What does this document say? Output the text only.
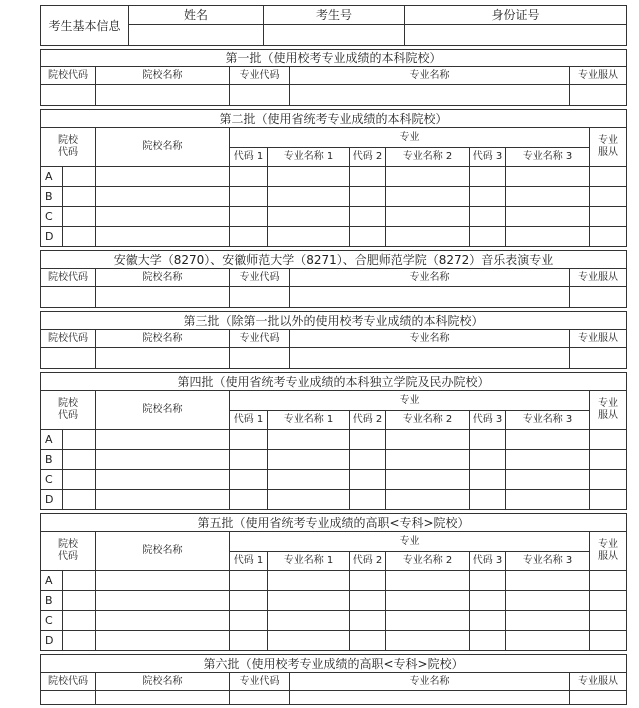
考生基本信息	姓名	考生号	身份证号

第一批（使用校考专业成绩的本科院校）				
院校代码	院校名称	专业代码	专业名称	专业服从

第二批（使用省统考专业成绩的本科院校）									
院校
代码		院校名称	专业						专业
服从
			代码 1	专业名称 1	代码 2	专业名称 2	代码 3	专业名称 3	
A									
B									
C									
D									
安徽大学（8270）、安徽师范大学（8271）、合肥师范学院（8272）音乐表演专业				
院校代码	院校名称	专业代码	专业名称	专业服从

第三批（除第一批以外的使用校考专业成绩的本科院校）				
院校代码	院校名称	专业代码	专业名称	专业服从

第四批（使用省统考专业成绩的本科独立学院及民办院校）									
院校
代码		院校名称	专业						专业
服从
			代码 1	专业名称 1	代码 2	专业名称 2	代码 3	专业名称 3	
A									
B									
C									
D									
第五批（使用省统考专业成绩的高职<专科>院校）									
院校
代码		院校名称	专业						专业
服从
			代码 1	专业名称 1	代码 2	专业名称 2	代码 3	专业名称 3	
A									
B									
C									
D									
第六批（使用校考专业成绩的高职<专科>院校）				
院校代码	院校名称	专业代码	专业名称	专业服从
